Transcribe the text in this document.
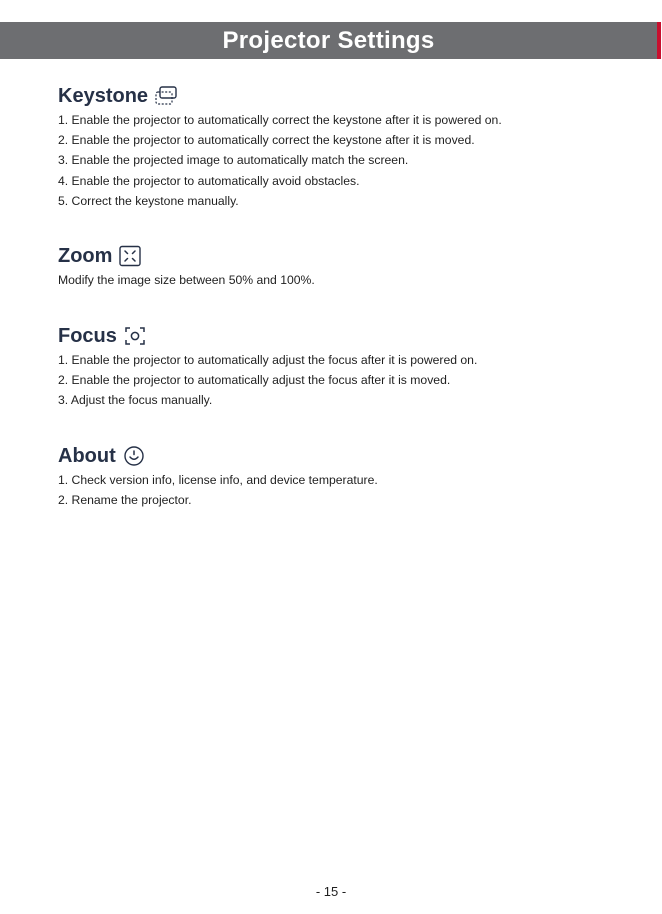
Projector Settings
Keystone
1. Enable the projector to automatically correct the keystone after it is powered on.
2. Enable the projector to automatically correct the keystone after it is moved.
3. Enable the projected image to automatically match the screen.
4. Enable the projector to automatically avoid obstacles.
5. Correct the keystone manually.
Zoom
Modify the image size between 50% and 100%.
Focus
1. Enable the projector to automatically adjust the focus after it is powered on.
2. Enable the projector to automatically adjust the focus after it is moved.
3. Adjust the focus manually.
About
1. Check version info, license info, and device temperature.
2. Rename the projector.
- 15 -
